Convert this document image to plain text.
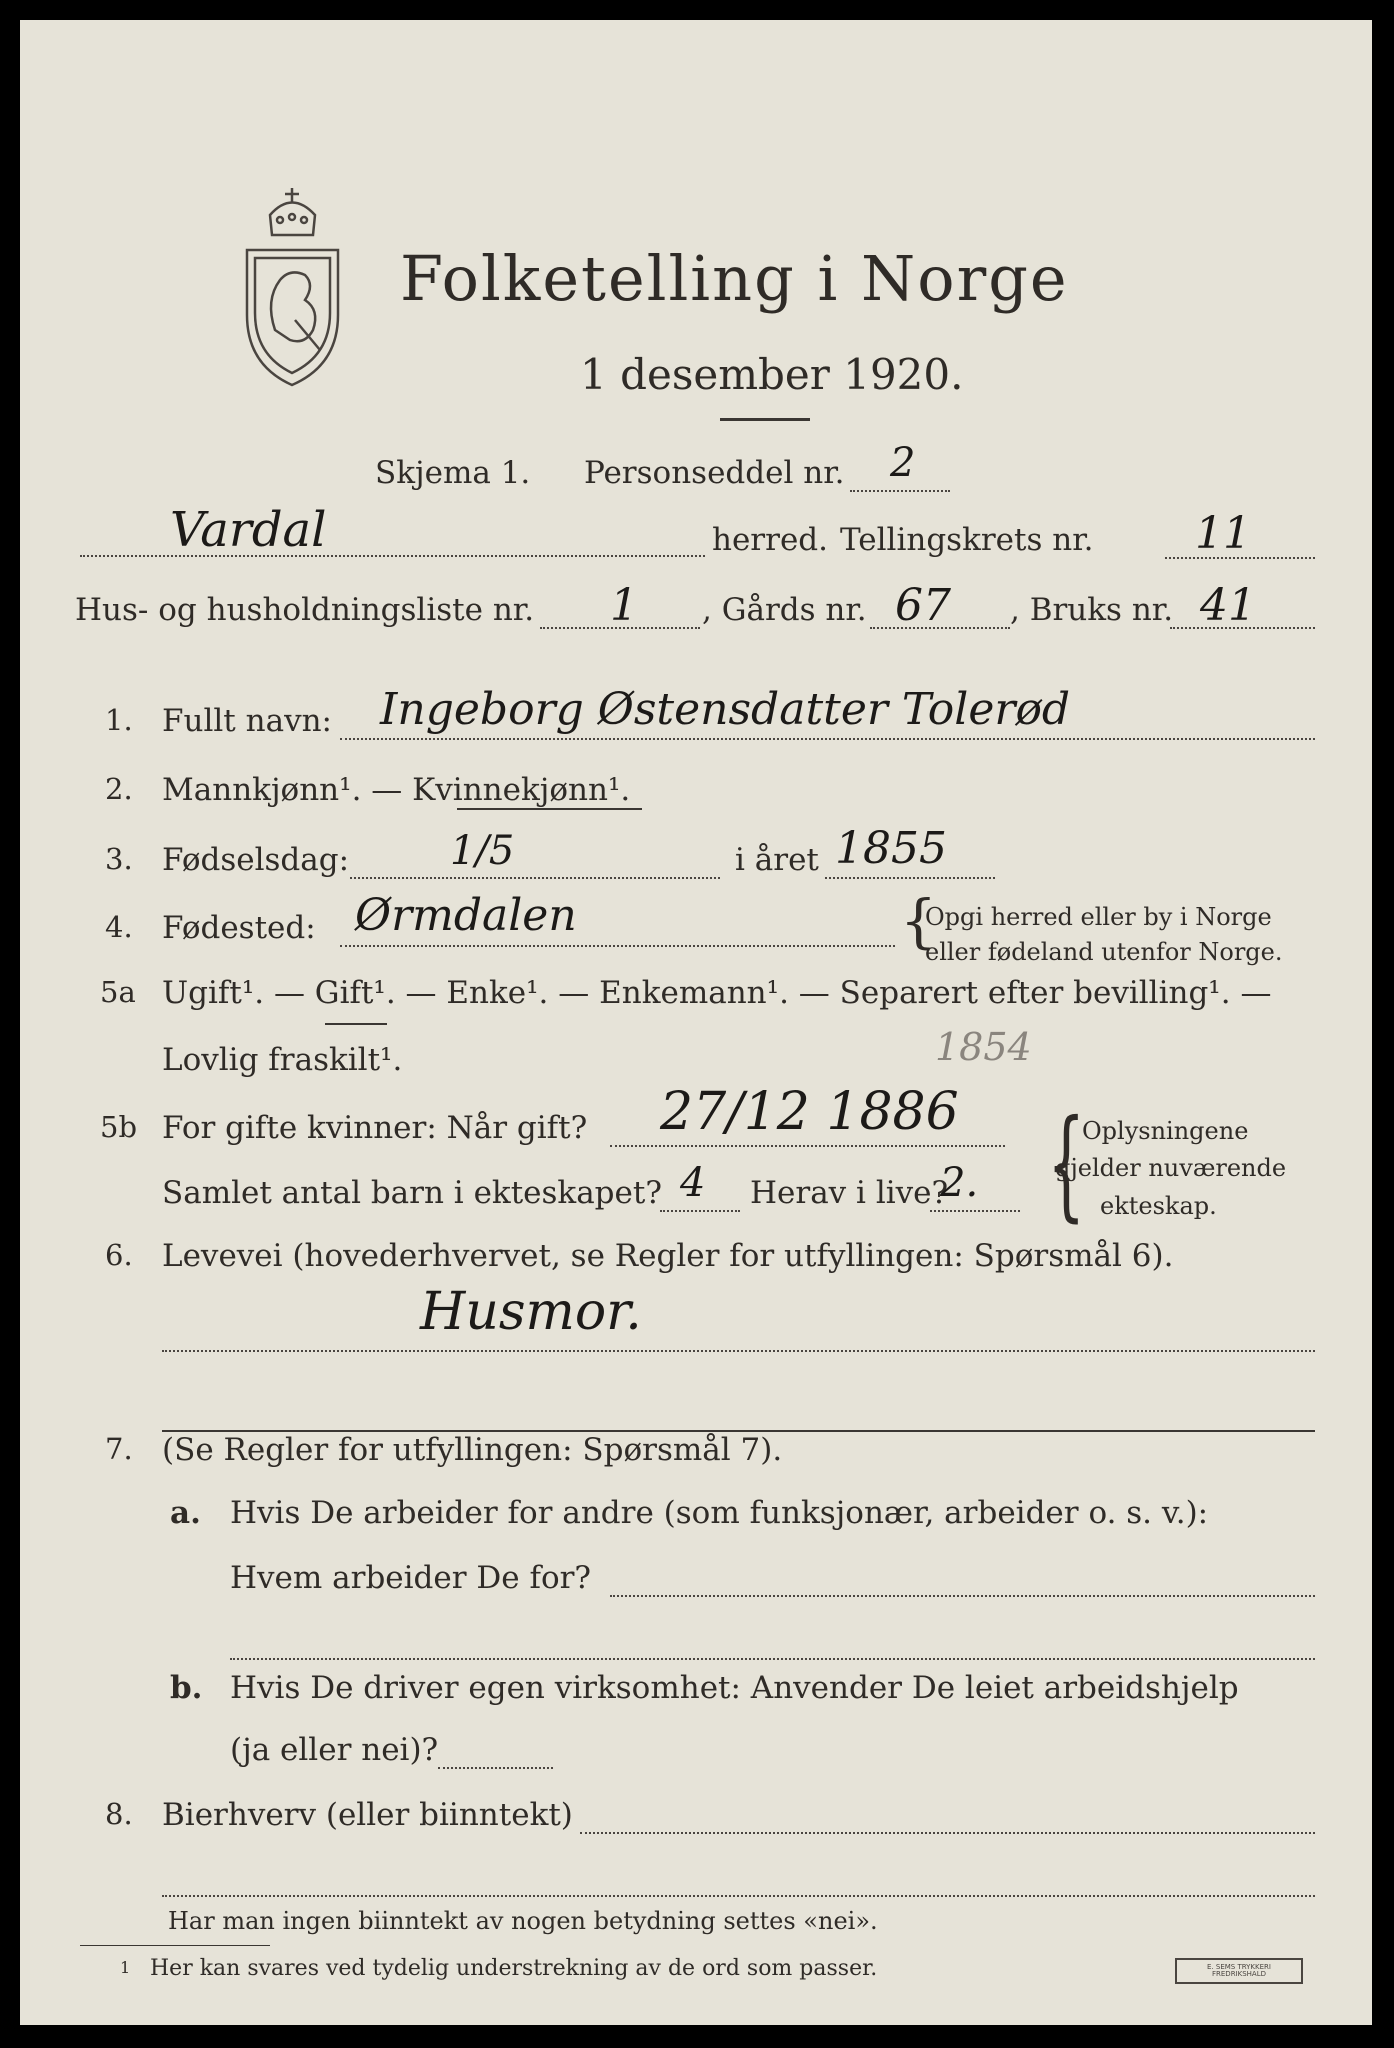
Folketelling i Norge
1 desember 1920.
Skjema 1. Personseddel nr. 2
Vardal	herred. Tellingskrets nr. 11
Hus- og husholdningsliste nr. 1 , Gårds nr. 67 , Bruks nr. 41
1. Fullt navn: Ingeborg Østensdatter Tolerød
2. Mannkjønn¹. — Kvinnekjønn¹.
3. Fødselsdag:	1/5	i året 1855
4. Fødested: Ørmdalen	{
Opgi herred eller by i Norge
eller fødeland utenfor Norge.
5a Ugift¹. — Gift¹. — Enke¹. — Enkemann¹. — Separert efter bevilling¹. —
Lovlig fraskilt¹.	1854
5b For gifte kvinner: Når gift? 27/12 1886
Samlet antal barn i ekteskapet? 4 Herav i live?
2. {
Oplysningene
gjelder nuværende
ekteskap.
6. Levevei (hovederhvervet, se Regler for utfyllingen: Spørsmål 6).
Husmor.
7. (Se Regler for utfyllingen: Spørsmål 7).
a. Hvis De arbeider for andre (som funksjonær, arbeider o. s. v.):
Hvem arbeider De for?
b. Hvis De driver egen virksomhet: Anvender De leiet arbeidshjelp
(ja eller nei)?
8. Bierhverv (eller biinntekt)
Har man ingen biinntekt av nogen betydning settes «nei».
1 Her kan svares ved tydelig understrekning av de ord som passer.	E. SEMS TRYKKERI FREDRIKSHALD
